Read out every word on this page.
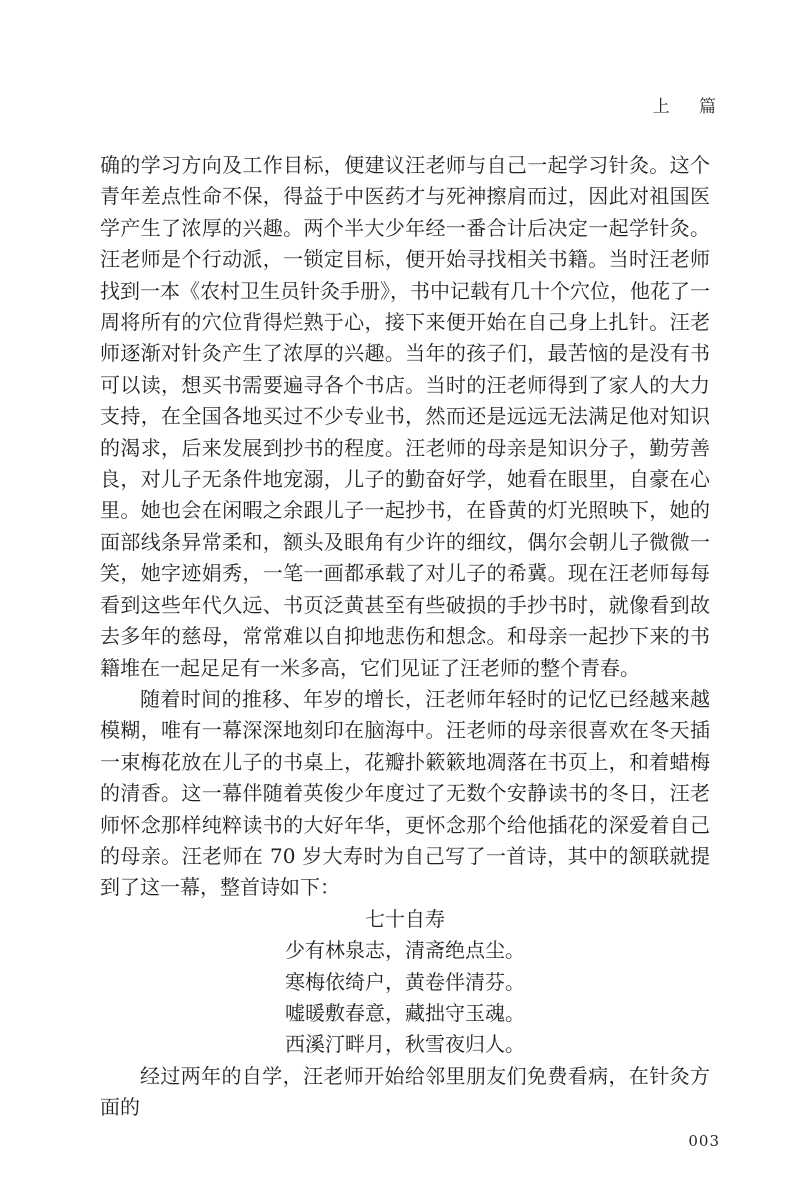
上 篇

确的学习方向及工作目标，便建议汪老师与自己一起学习针灸。这个青年差点性命不保，得益于中医药才与死神擦肩而过，因此对祖国医学产生了浓厚的兴趣。两个半大少年经一番合计后决定一起学针灸。汪老师是个行动派，一锁定目标，便开始寻找相关书籍。当时汪老师找到一本《农村卫生员针灸手册》，书中记载有几十个穴位，他花了一周将所有的穴位背得烂熟于心，接下来便开始在自己身上扎针。汪老师逐渐对针灸产生了浓厚的兴趣。当年的孩子们，最苦恼的是没有书可以读，想买书需要遍寻各个书店。当时的汪老师得到了家人的大力支持，在全国各地买过不少专业书，然而还是远远无法满足他对知识的渴求，后来发展到抄书的程度。汪老师的母亲是知识分子，勤劳善良，对儿子无条件地宠溺，儿子的勤奋好学，她看在眼里，自豪在心里。她也会在闲暇之余跟儿子一起抄书，在昏黄的灯光照映下，她的面部线条异常柔和，额头及眼角有少许的细纹，偶尔会朝儿子微微一笑，她字迹娟秀，一笔一画都承载了对儿子的希冀。现在汪老师每每看到这些年代久远、书页泛黄甚至有些破损的手抄书时，就像看到故去多年的慈母，常常难以自抑地悲伤和想念。和母亲一起抄下来的书籍堆在一起足足有一米多高，它们见证了汪老师的整个青春。

随着时间的推移、年岁的增长，汪老师年轻时的记忆已经越来越模糊，唯有一幕深深地刻印在脑海中。汪老师的母亲很喜欢在冬天插一束梅花放在儿子的书桌上，花瓣扑簌簌地凋落在书页上，和着蜡梅的清香。这一幕伴随着英俊少年度过了无数个安静读书的冬日，汪老师怀念那样纯粹读书的大好年华，更怀念那个给他插花的深爱着自己的母亲。汪老师在 70 岁大寿时为自己写了一首诗，其中的颔联就提到了这一幕，整首诗如下：

七十自寿

少有林泉志，清斋绝点尘。

寒梅依绮户，黄卷伴清芬。

嘘暖敷春意，藏拙守玉魂。

西溪汀畔月，秋雪夜归人。

经过两年的自学，汪老师开始给邻里朋友们免费看病，在针灸方面的

003
